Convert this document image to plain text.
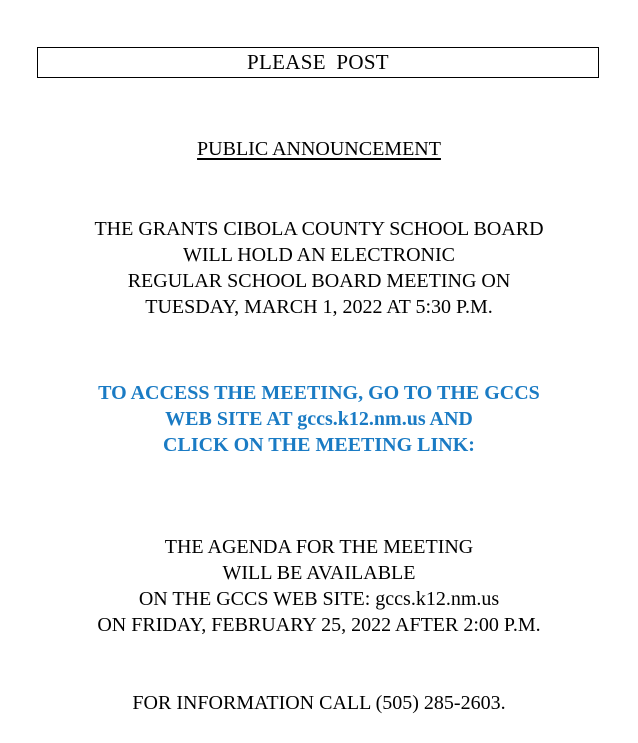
PLEASE POST
PUBLIC ANNOUNCEMENT
THE GRANTS CIBOLA COUNTY SCHOOL BOARD
WILL HOLD AN ELECTRONIC
REGULAR SCHOOL BOARD MEETING ON
TUESDAY, MARCH 1, 2022 AT 5:30 P.M.
TO ACCESS THE MEETING, GO TO THE GCCS
WEB SITE AT gccs.k12.nm.us AND
CLICK ON THE MEETING LINK:
THE AGENDA FOR THE MEETING
WILL BE AVAILABLE
ON THE GCCS WEB SITE: gccs.k12.nm.us
ON FRIDAY, FEBRUARY 25, 2022 AFTER 2:00 P.M.
FOR INFORMATION CALL (505) 285-2603.
